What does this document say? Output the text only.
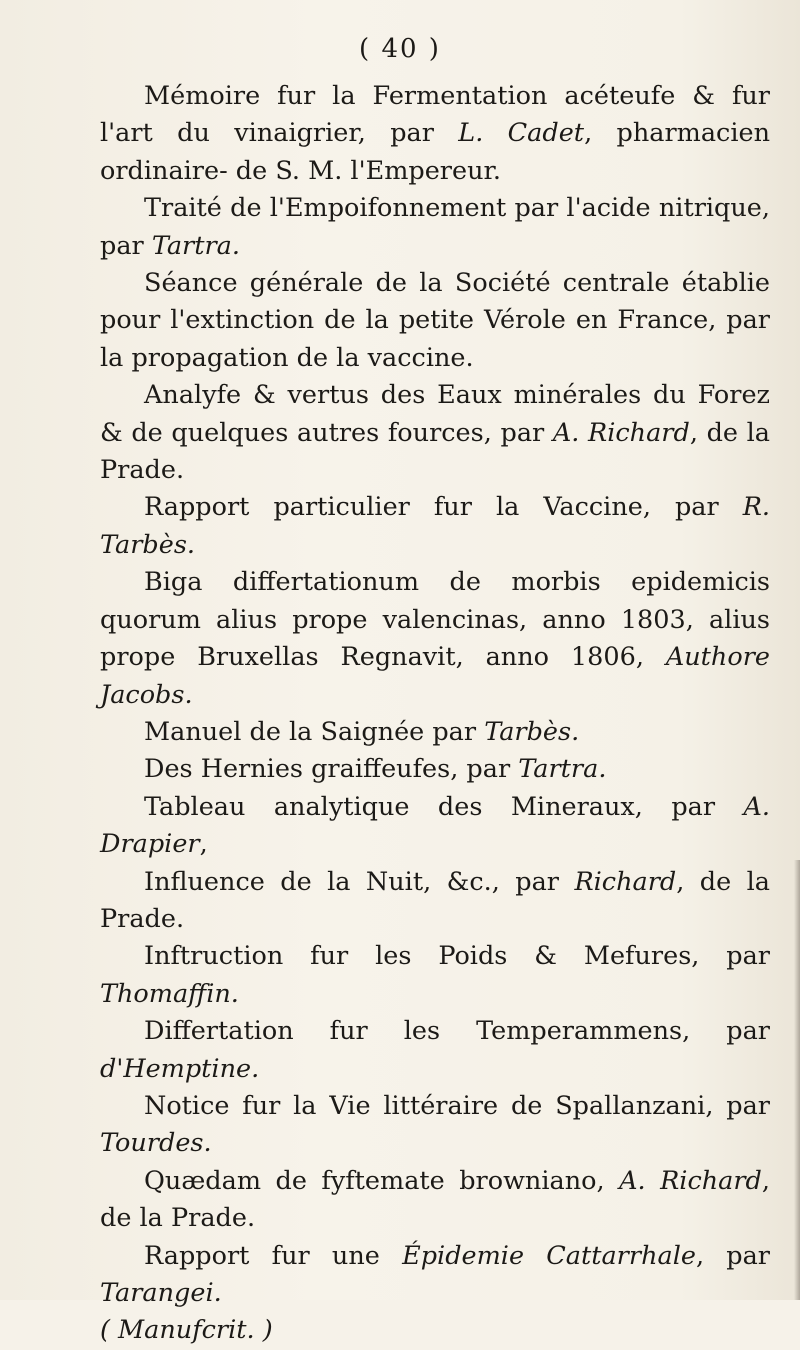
( 40 )

Mémoire fur la Fermentation acéteufe & fur l'art du vinaigrier, par L. Cadet, pharmacien ordinaire- de S. M. l'Empereur.

Traité de l'Empoifonnement par l'acide nitrique, par Tartra.

Séance générale de la Société centrale établie pour l'extinction de la petite Vérole en France, par la propagation de la vaccine.

Analyfe & vertus des Eaux minérales du Forez & de quelques autres fources, par A. Richard, de la Prade.

Rapport particulier fur la Vaccine, par R. Tarbès.

Biga differtationum de morbis epidemicis quorum alius prope valencinas, anno 1803, alius prope Bruxellas Regnavit, anno 1806, Authore Jacobs.

Manuel de la Saignée par Tarbès.

Des Hernies graiffeufes, par Tartra.

Tableau analytique des Mineraux, par A. Drapier,

Influence de la Nuit, &c., par Richard, de la Prade.

Inftruction fur les Poids & Mefures, par Thomaffin.

Differtation fur les Temperammens, par d'Hemptine.

Notice fur la Vie littéraire de Spallanzani, par Tourdes.

Quædam de fyftemate browniano, A. Richard, de la Prade.

Rapport fur une Épidemie Cattarrhale, par Tarangei.
( Manufcrit. )
